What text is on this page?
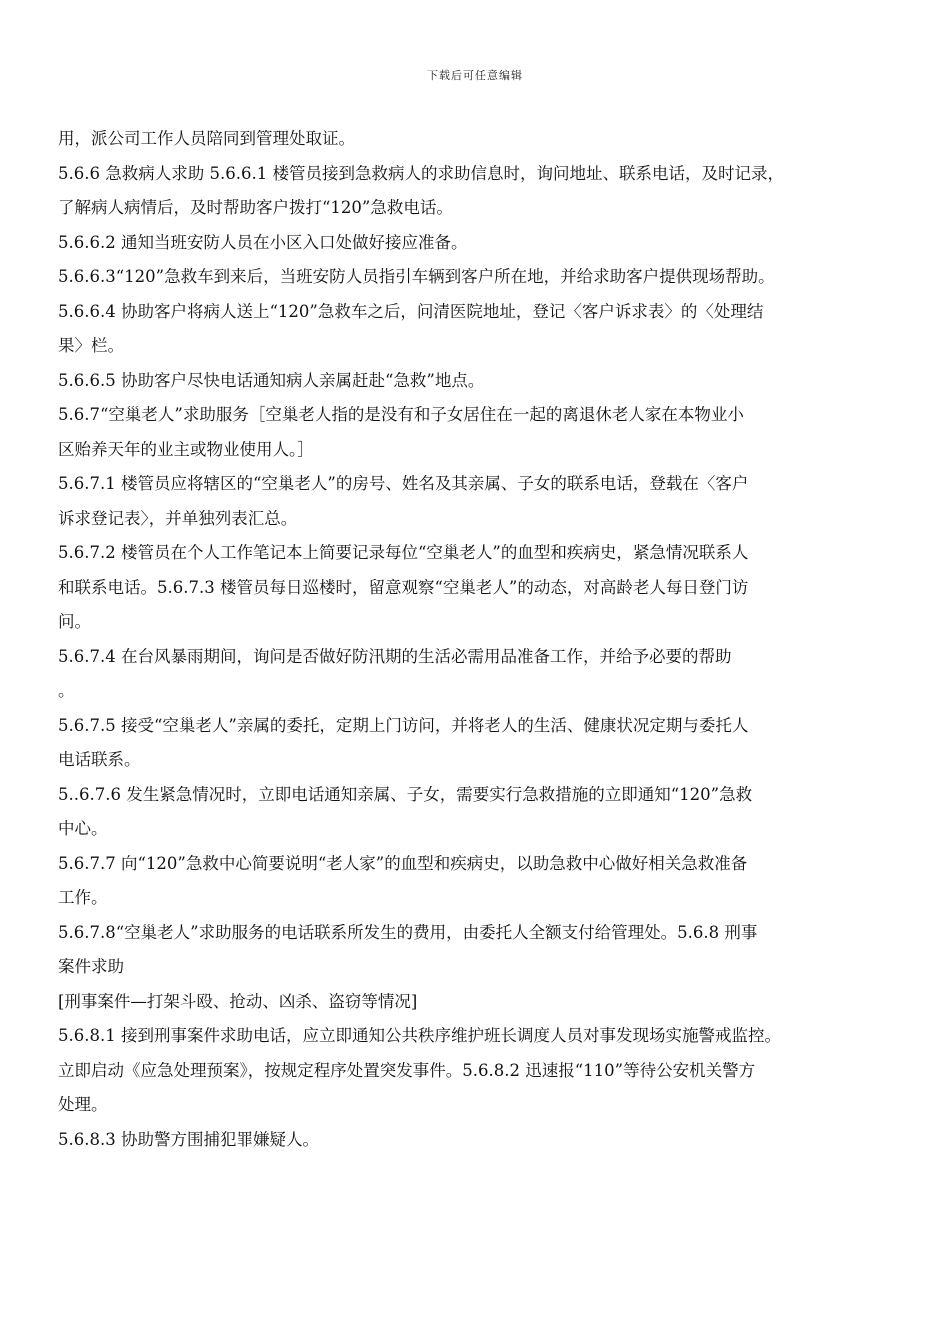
下载后可任意编辑
用，派公司工作人员陪同到管理处取证。
5.6.6 急救病人求助 5.6.6.1 楼管员接到急救病人的求助信息时，询问地址、联系电话，及时记录，
了解病人病情后，及时帮助客户拨打“120”急救电话。
5.6.6.2 通知当班安防人员在小区入口处做好接应准备。
5.6.6.3“120”急救车到来后，当班安防人员指引车辆到客户所在地，并给求助客户提供现场帮助。
5.6.6.4 协助客户将病人送上“120”急救车之后，问清医院地址，登记〈客户诉求表〉的〈处理结
果〉栏。
5.6.6.5 协助客户尽快电话通知病人亲属赶赴“急救”地点。
5.6.7“空巢老人”求助服务［空巢老人指的是没有和子女居住在一起的离退休老人家在本物业小
区贻养天年的业主或物业使用人。］
5.6.7.1 楼管员应将辖区的“空巢老人”的房号、姓名及其亲属、子女的联系电话，登载在〈客户
诉求登记表〉，并单独列表汇总。
5.6.7.2 楼管员在个人工作笔记本上简要记录每位“空巢老人”的血型和疾病史，紧急情况联系人
和联系电话。5.6.7.3 楼管员每日巡楼时，留意观察“空巢老人”的动态，对高龄老人每日登门访
问。
5.6.7.4 在台风暴雨期间，询问是否做好防汛期的生活必需用品准备工作，并给予必要的帮助
。
5.6.7.5 接受“空巢老人”亲属的委托，定期上门访问，并将老人的生活、健康状况定期与委托人
电话联系。
5..6.7.6 发生紧急情况时，立即电话通知亲属、子女，需要实行急救措施的立即通知“120”急救
中心。
5.6.7.7 向“120”急救中心简要说明“老人家”的血型和疾病史，以助急救中心做好相关急救准备
工作。
5.6.7.8“空巢老人”求助服务的电话联系所发生的费用，由委托人全额支付给管理处。5.6.8 刑事
案件求助
[刑事案件—打架斗殴、抢动、凶杀、盗窃等情况]
5.6.8.1 接到刑事案件求助电话，应立即通知公共秩序维护班长调度人员对事发现场实施警戒监控。
立即启动《应急处理预案》，按规定程序处置突发事件。5.6.8.2 迅速报“110”等待公安机关警方
处理。
5.6.8.3 协助警方围捕犯罪嫌疑人。
